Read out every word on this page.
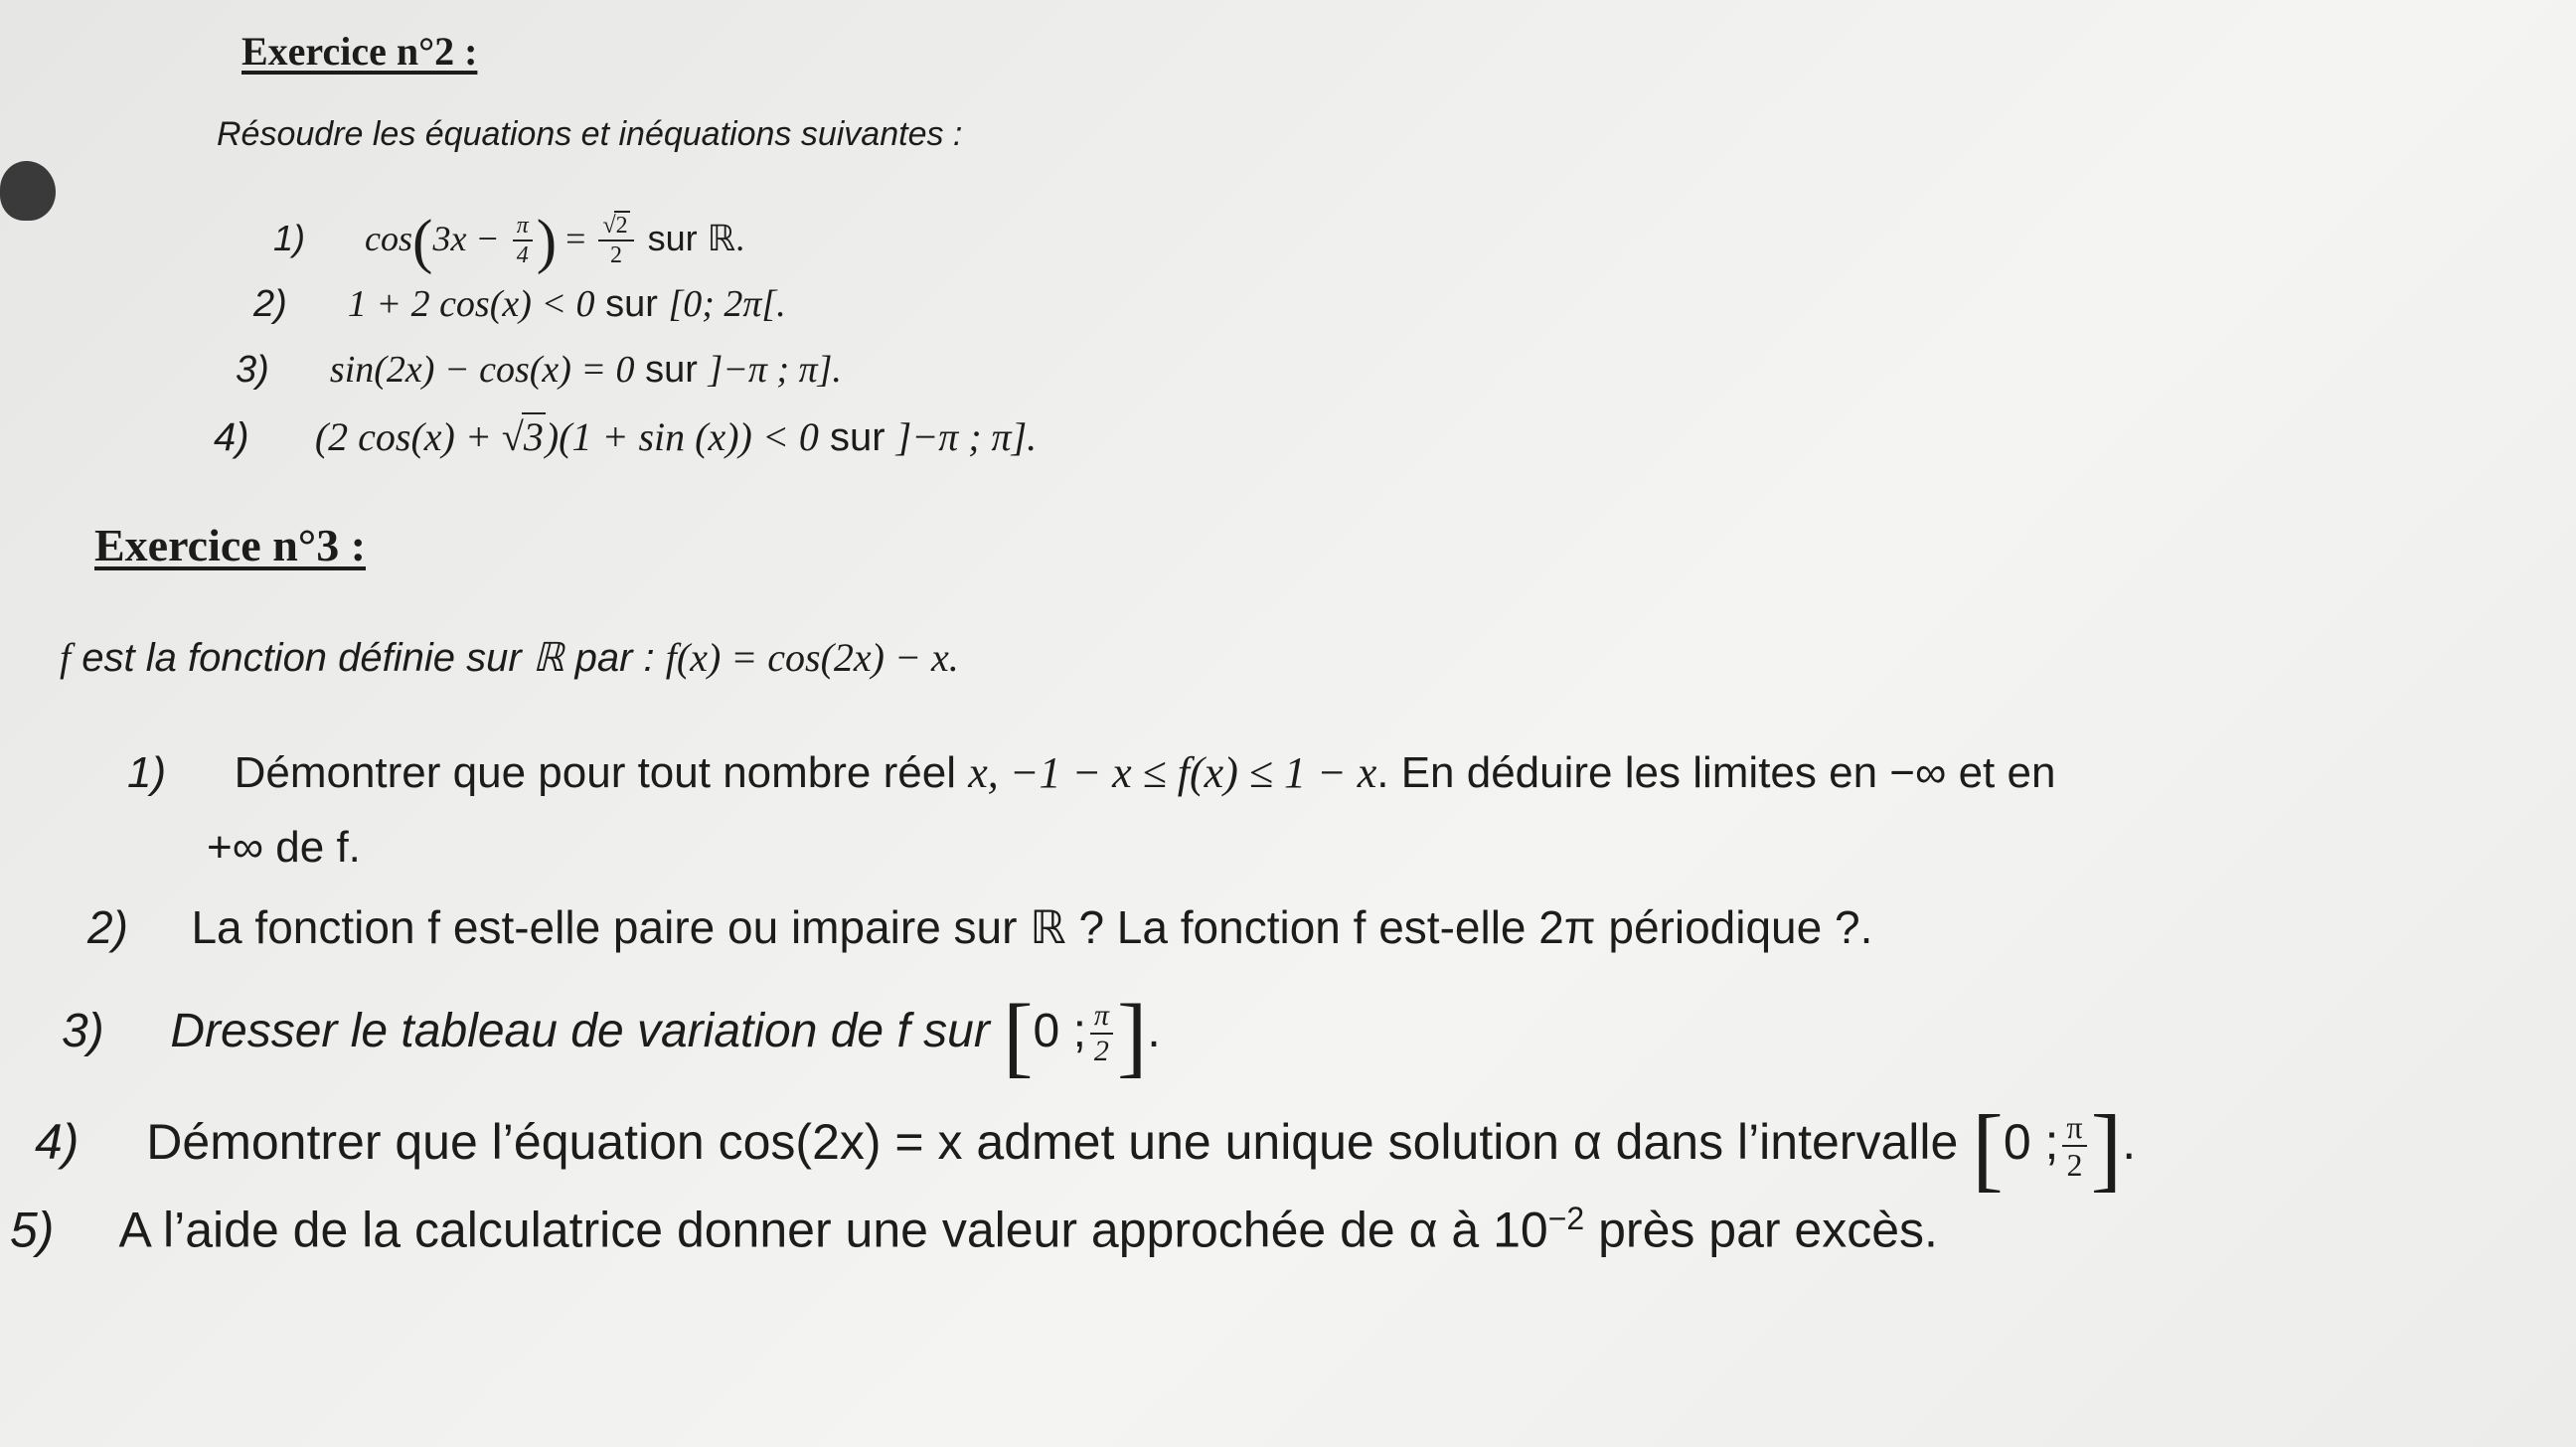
Exercice n°2 :
Résoudre les équations et inéquations suivantes :
1) $\cos(3x - \frac{\pi}{4}$ ) = $\frac{√2}{2}$ sur ℝ.
2) 1 + 2 cos(x) < 0 sur [0; 2π[.
3) sin(2x) − cos(x) = 0 sur ]−π ; π].
4) (2 cos(x) + √3)(1 + sin (x)) < 0 sur ]−π ; π].
Exercice n°3 :
f est la fonction définie sur ℝ par : f(x) = cos(2x) − x.
1) Démontrer que pour tout nombre réel x, −1 − x ≤ f(x) ≤ 1 − x. En déduire les limites en −∞ et en
+∞ de f.
2) La fonction f est-elle paire ou impaire sur ℝ ? La fonction f est-elle 2π périodique ?.
3) Dresser le tableau de variation de f sur [0 ; $\frac{\pi}{2}$ ].
4) Démontrer que l’équation cos(2x) = x admet une unique solution α dans l’intervalle [0 ; $\frac{\pi}{2}$ ].
5) A l’aide de la calculatrice donner une valeur approchée de α à $10^{-2}$ près par excès.
